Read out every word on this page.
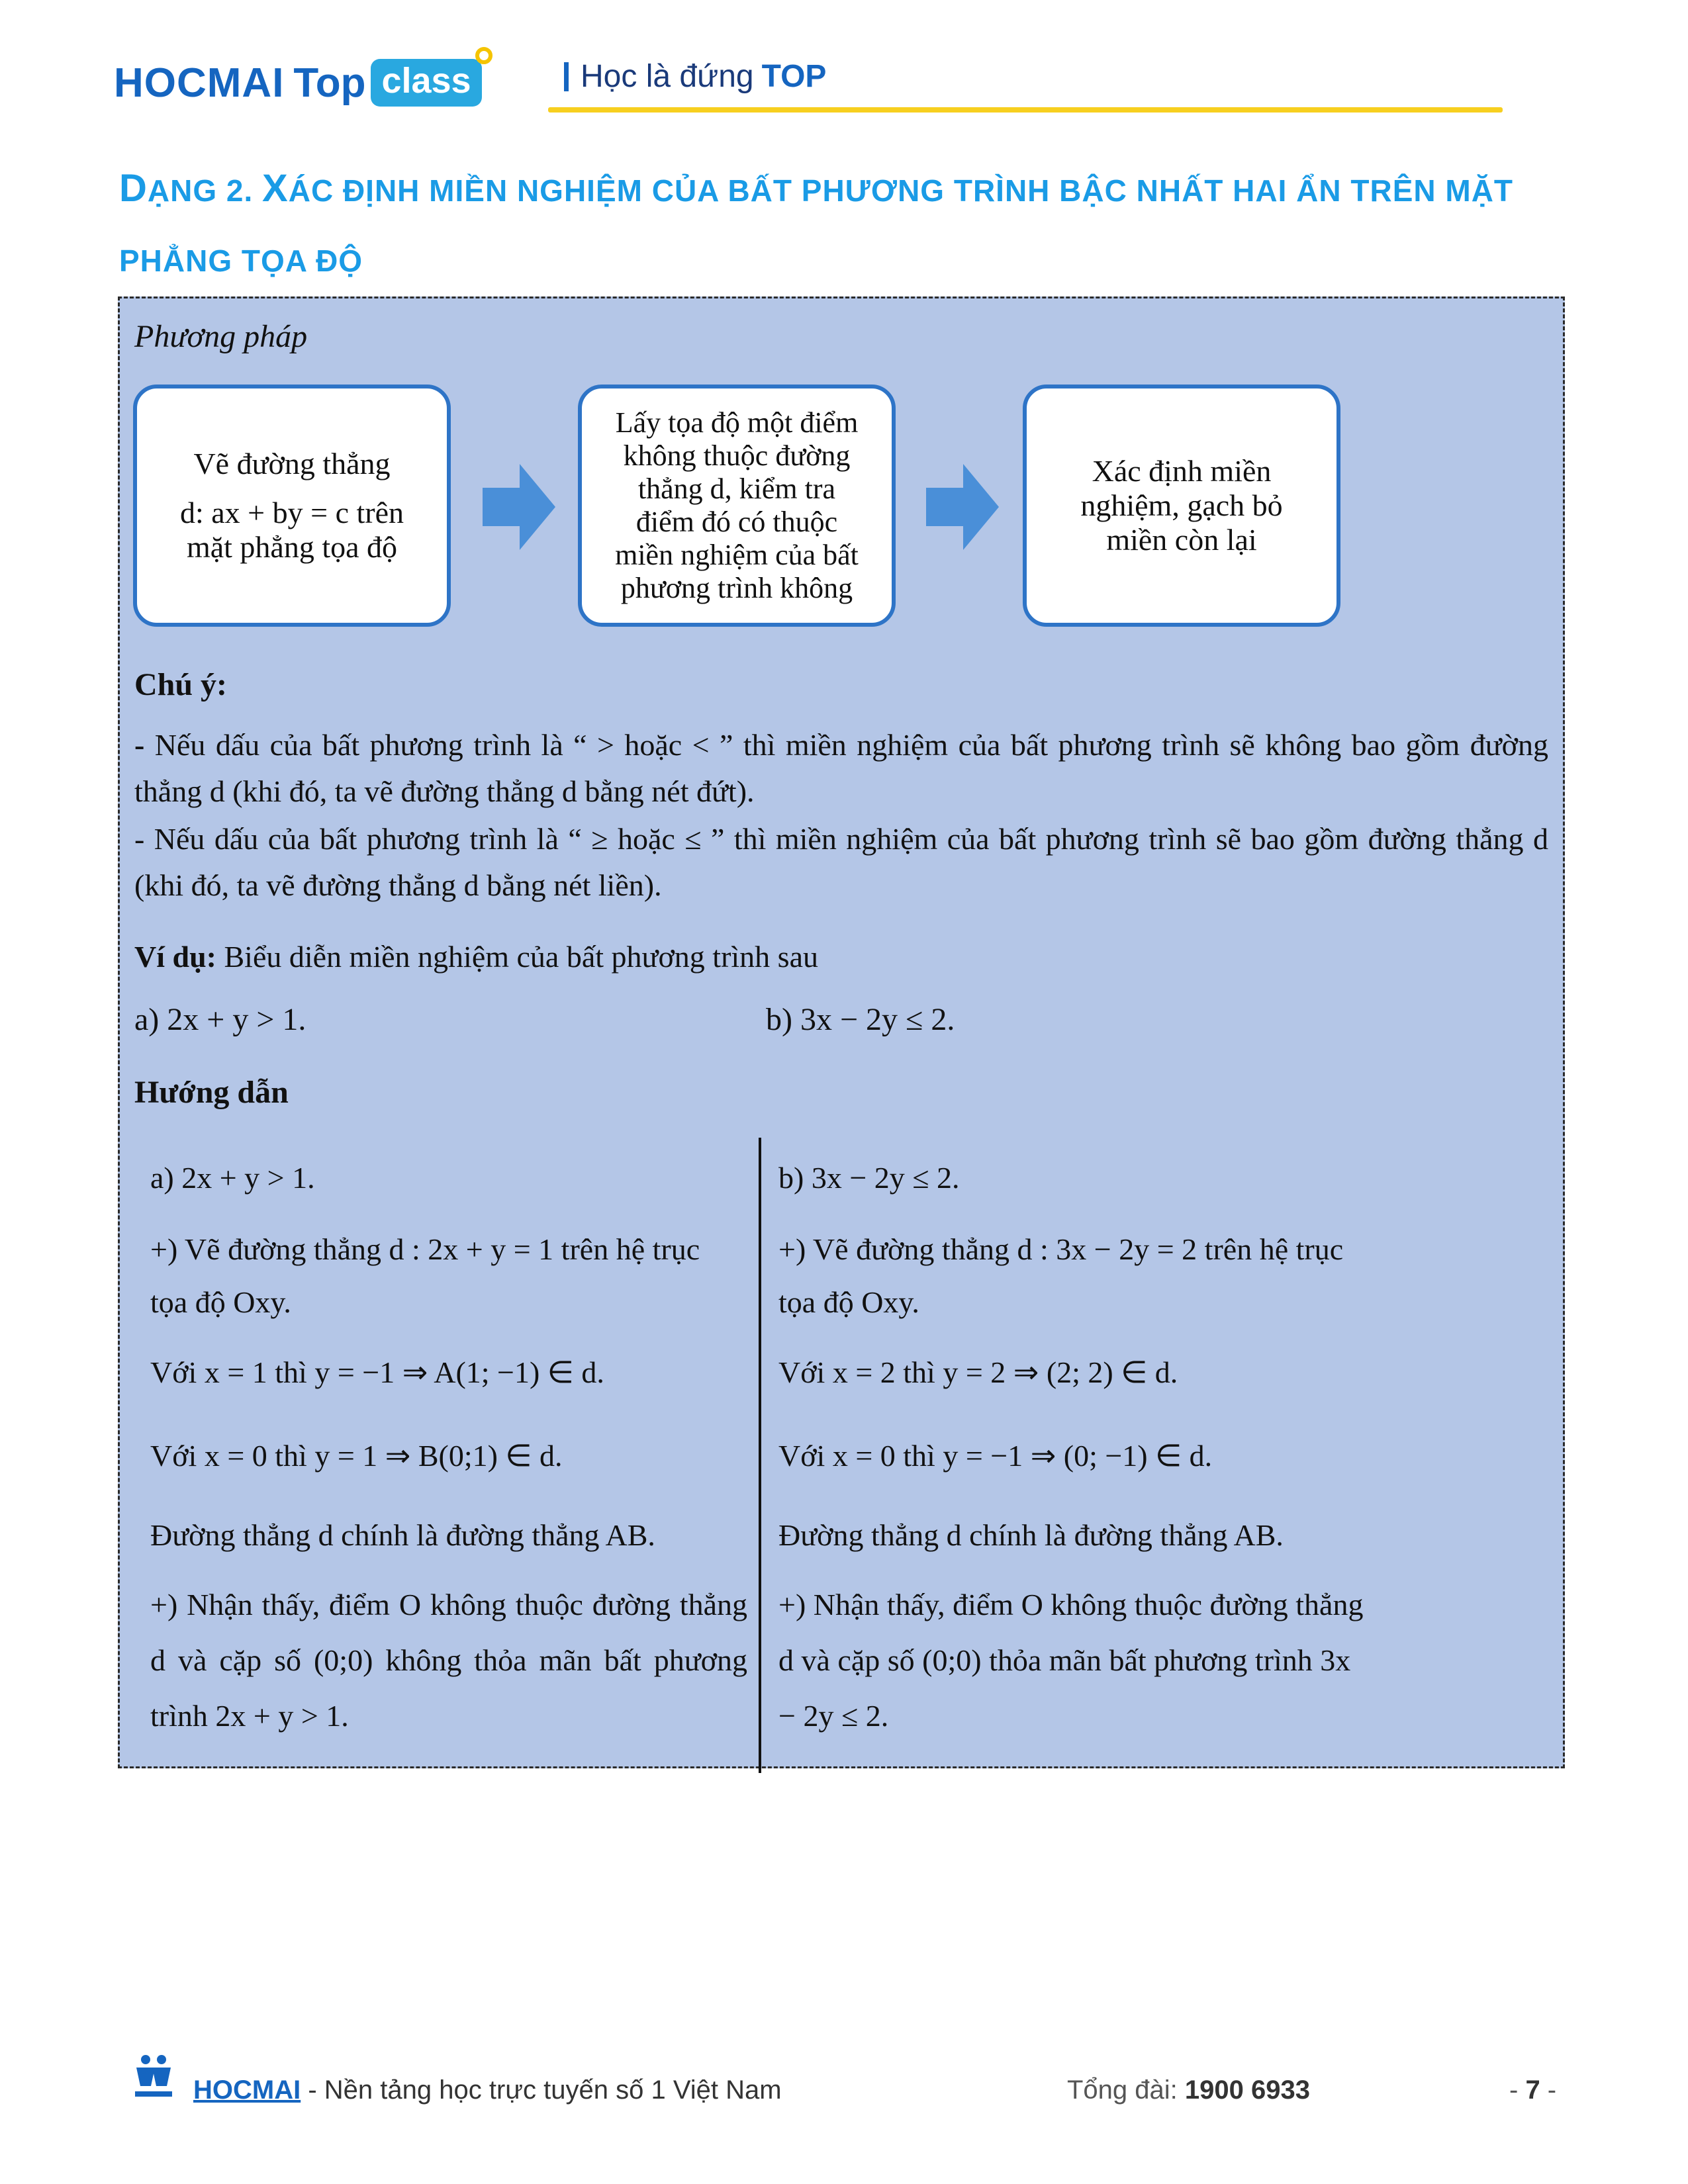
HOCMAI Top class	Học là đứng TOP
DẠNG 2. XÁC ĐỊNH MIỀN NGHIỆM CỦA BẤT PHƯƠNG TRÌNH BẬC NHẤT HAI ẨN TRÊN MẶT
PHẲNG TỌA ĐỘ
Phương pháp
Vẽ đường thẳng
d: ax + by = c trên
mặt phẳng tọa độ
Lấy tọa độ một điểm
không thuộc đường
thẳng d, kiểm tra
điểm đó có thuộc
miền nghiệm của bất
phương trình không
Xác định miền
nghiệm, gạch bỏ
miền còn lại
Chú ý:
- Nếu dấu của bất phương trình là “ > hoặc < ” thì miền nghiệm của bất phương trình sẽ không bao gồm đường thẳng d (khi đó, ta vẽ đường thẳng d bằng nét đứt).
- Nếu dấu của bất phương trình là “ ≥ hoặc ≤ ” thì miền nghiệm của bất phương trình sẽ bao gồm đường thẳng d (khi đó, ta vẽ đường thẳng d bằng nét liền).
Ví dụ: Biểu diễn miền nghiệm của bất phương trình sau
a) 2x + y > 1.	b) 3x − 2y ≤ 2.
Hướng dẫn
a) 2x + y > 1.
+) Vẽ đường thẳng d : 2x + y = 1 trên hệ trục
tọa độ Oxy.
Với x = 1 thì y = −1 ⇒ A(1; −1) ∈ d.
Với x = 0 thì y = 1 ⇒ B(0;1) ∈ d.
Đường thẳng d chính là đường thẳng AB.
+) Nhận thấy, điểm O không thuộc đường thẳng d và cặp số (0;0) không thỏa mãn bất phương trình 2x + y > 1.
b) 3x − 2y ≤ 2.
+) Vẽ đường thẳng d : 3x − 2y = 2 trên hệ trục
tọa độ Oxy.
Với x = 2 thì y = 2 ⇒ (2; 2) ∈ d.
Với x = 0 thì y = −1 ⇒ (0; −1) ∈ d.
Đường thẳng d chính là đường thẳng AB.
+) Nhận thấy, điểm O không thuộc đường thẳng d và cặp số (0;0) thỏa mãn bất phương trình 3x − 2y ≤ 2.
HOCMAI - Nền tảng học trực tuyến số 1 Việt Nam	Tổng đài: 1900 6933	- 7 -
